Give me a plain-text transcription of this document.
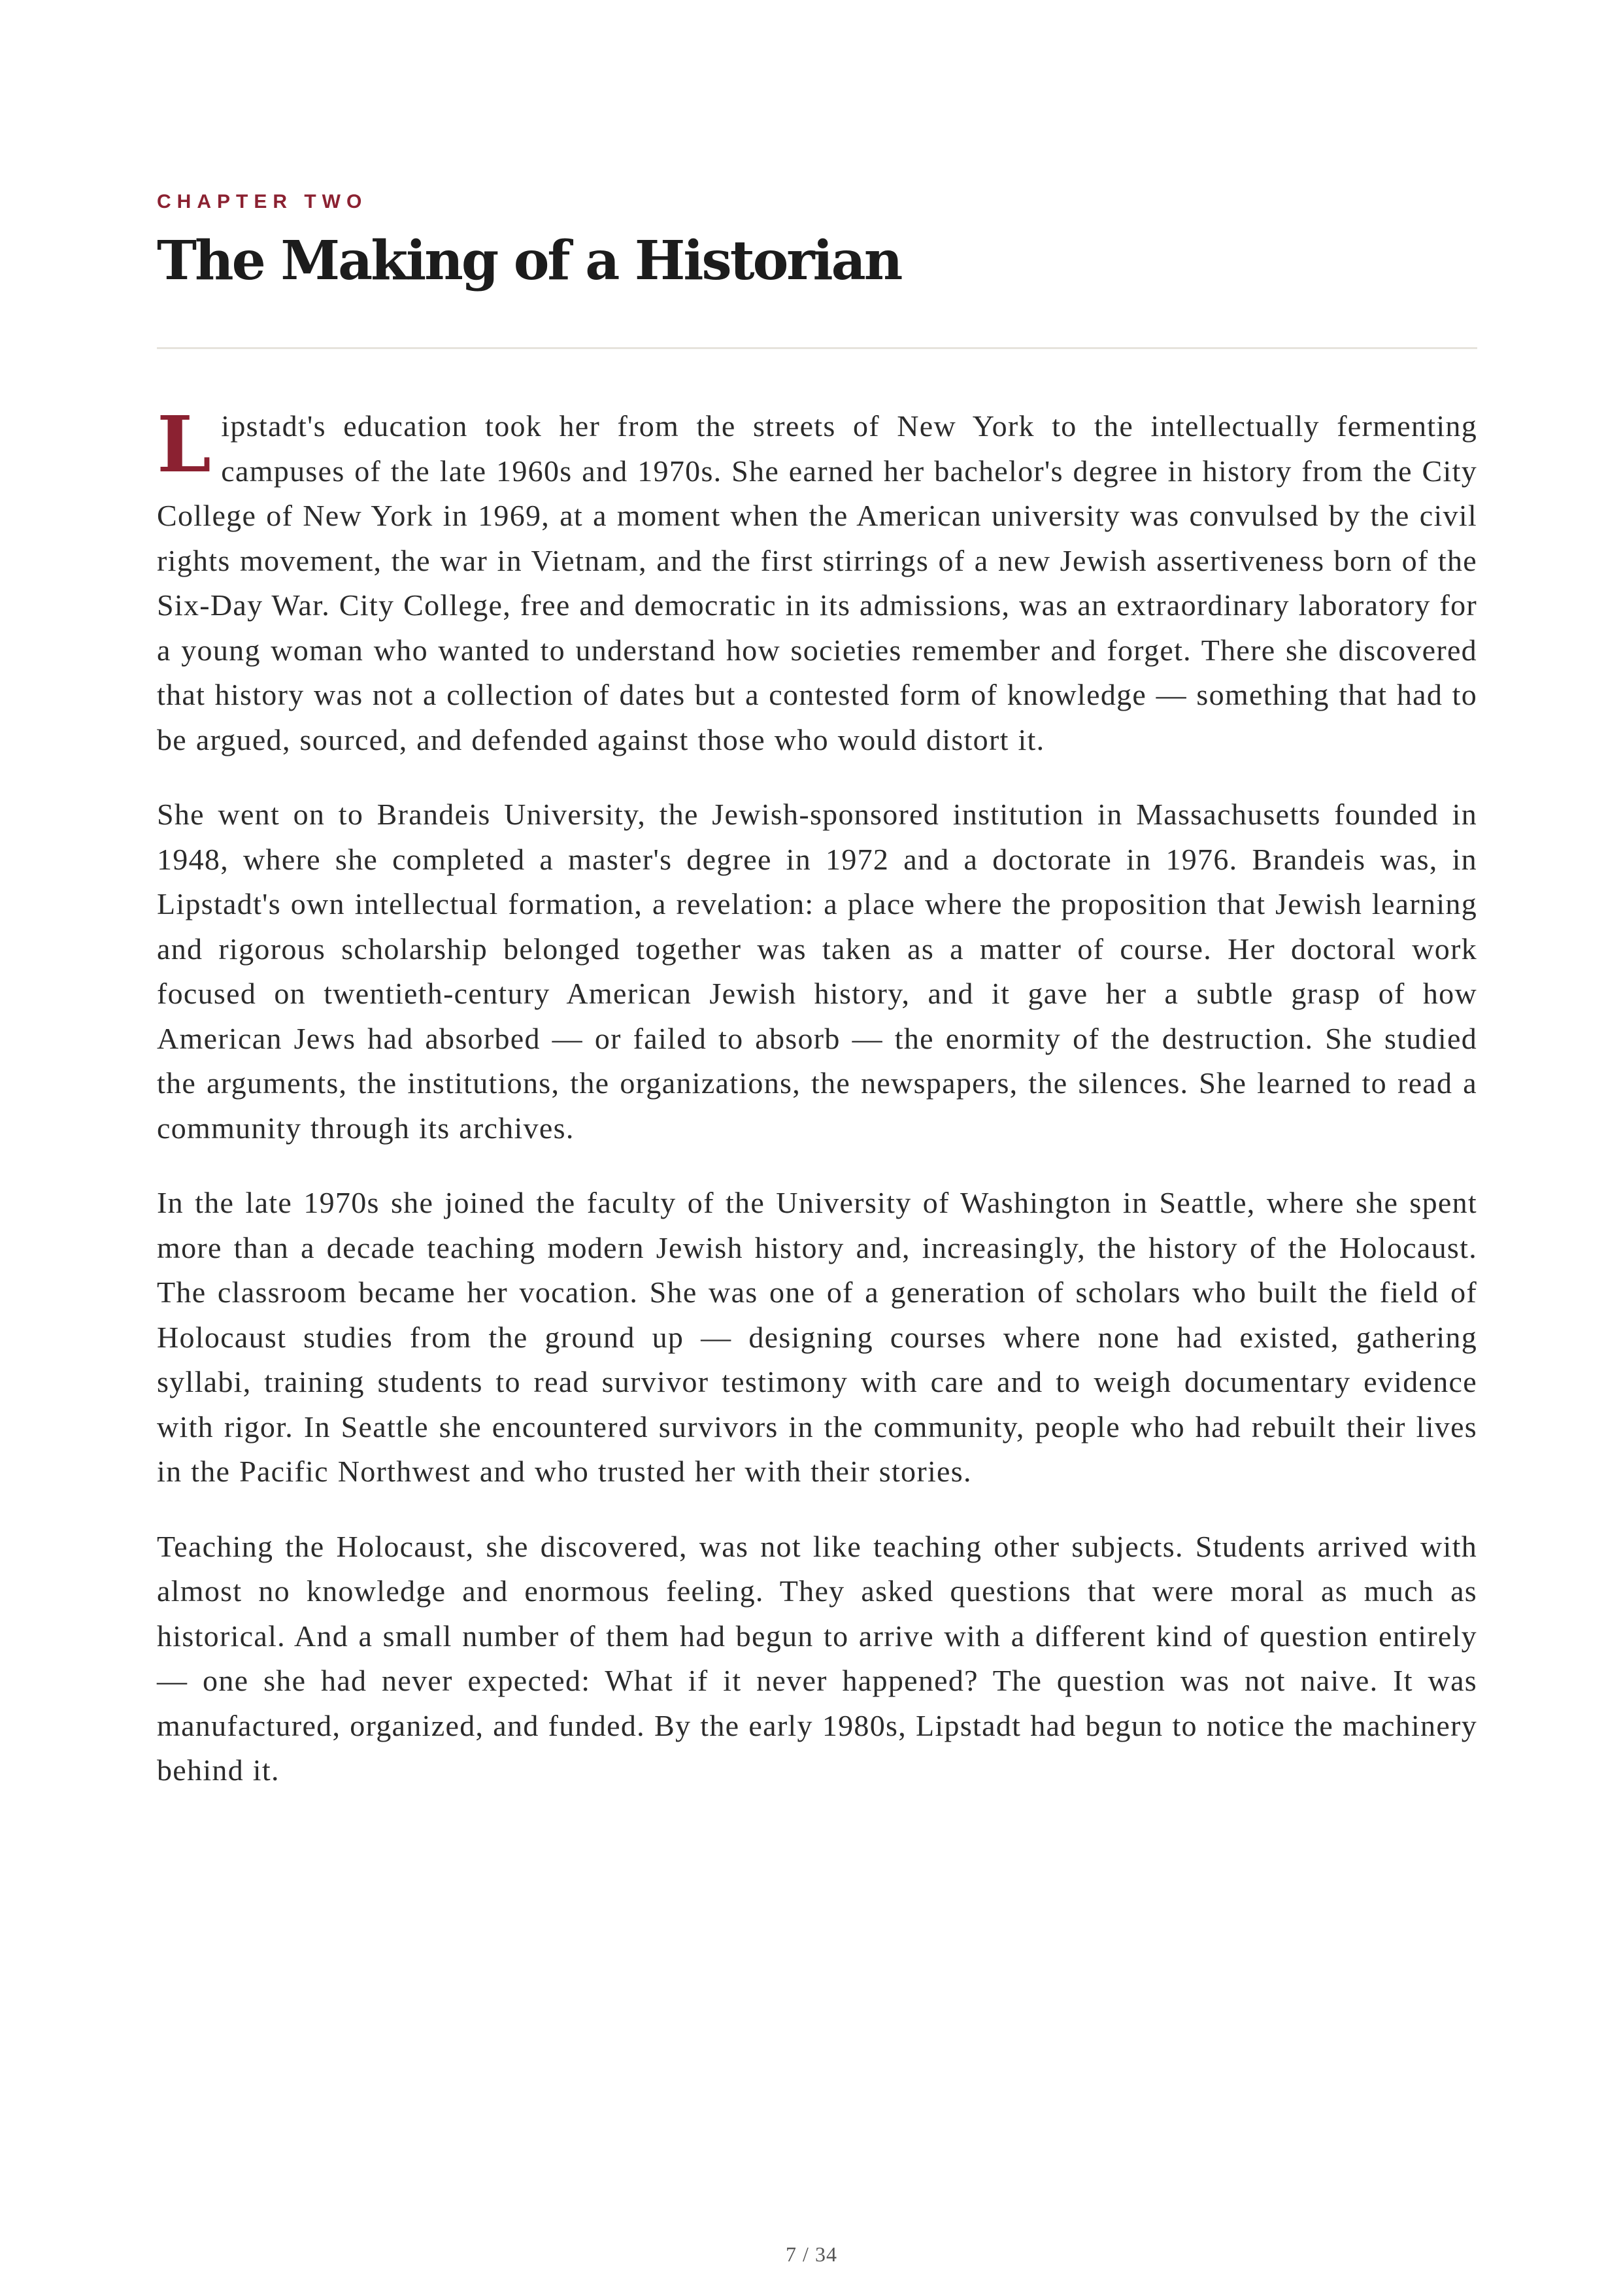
CHAPTER TWO
The Making of a Historian

Lipstadt's education took her from the streets of New York to the intellectually fermenting campuses of the late 1960s and 1970s. She earned her bachelor's degree in history from the City College of New York in 1969, at a moment when the American university was convulsed by the civil rights movement, the war in Vietnam, and the first stirrings of a new Jewish assertiveness born of the Six-Day War. City College, free and democratic in its admissions, was an extraordinary laboratory for a young woman who wanted to understand how societies remember and forget. There she discovered that history was not a collection of dates but a contested form of knowledge — something that had to be argued, sourced, and defended against those who would distort it.

She went on to Brandeis University, the Jewish-sponsored institution in Massachusetts founded in 1948, where she completed a master's degree in 1972 and a doctorate in 1976. Brandeis was, in Lipstadt's own intellectual formation, a revelation: a place where the proposition that Jewish learning and rigorous scholarship belonged together was taken as a matter of course. Her doctoral work focused on twentieth-century American Jewish history, and it gave her a subtle grasp of how American Jews had absorbed — or failed to absorb — the enormity of the destruction. She studied the arguments, the institutions, the organizations, the newspapers, the silences. She learned to read a community through its archives.

In the late 1970s she joined the faculty of the University of Washington in Seattle, where she spent more than a decade teaching modern Jewish history and, increasingly, the history of the Holocaust. The classroom became her vocation. She was one of a generation of scholars who built the field of Holocaust studies from the ground up — designing courses where none had existed, gathering syllabi, training students to read survivor testimony with care and to weigh documentary evidence with rigor. In Seattle she encountered survivors in the community, people who had rebuilt their lives in the Pacific Northwest and who trusted her with their stories.

Teaching the Holocaust, she discovered, was not like teaching other subjects. Students arrived with almost no knowledge and enormous feeling. They asked questions that were moral as much as historical. And a small number of them had begun to arrive with a different kind of question entirely — one she had never expected: What if it never happened? The question was not naive. It was manufactured, organized, and funded. By the early 1980s, Lipstadt had begun to notice the machinery behind it.

7 / 34
